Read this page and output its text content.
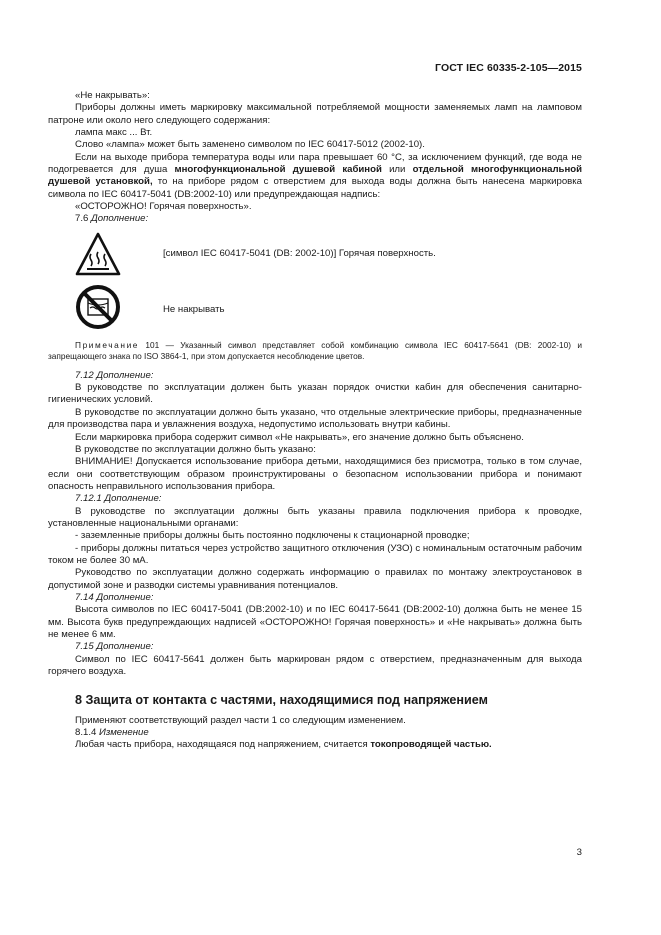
ГОСТ IEC 60335-2-105—2015

«Не накрывать»:

Приборы должны иметь маркировку максимальной потребляемой мощности заменяемых ламп на ламповом патроне или около него следующего содержания:

лампа макс ... Вт.

Слово «лампа» может быть заменено символом по IEC 60417-5012 (2002-10).

Если на выходе прибора температура воды или пара превышает 60 °С, за исключением функций, где вода не подогревается для душа многофункциональной душевой кабиной или отдельной многофункциональной душевой установкой, то на приборе рядом с отверстием для выхода воды должна быть нанесена маркировка символа по IEC 60417-5041 (DB:2002-10) или предупреждающая надпись:

«ОСТОРОЖНО! Горячая поверхность».

7.6 Дополнение:

[символ IEC 60417-5041 (DB: 2002-10)] Горячая поверхность.
Не накрывать

Примечание 101 — Указанный символ представляет собой комбинацию символа IEC 60417-5641 (DB: 2002-10) и запрещающего знака по ISO 3864-1, при этом допускается несоблюдение цветов.

7.12 Дополнение:

В руководстве по эксплуатации должен быть указан порядок очистки кабин для обеспечения санитарно-гигиенических условий.

В руководстве по эксплуатации должно быть указано, что отдельные электрические приборы, предназначенные для производства пара и увлажнения воздуха, недопустимо использовать внутри кабины.

Если маркировка прибора содержит символ «Не накрывать», его значение должно быть объяснено.

В руководстве по эксплуатации должно быть указано:

ВНИМАНИЕ! Допускается использование прибора детьми, находящимися без присмотра, только в том случае, если они соответствующим образом проинструктированы о безопасном использовании прибора и понимают опасность неправильного использования прибора.

7.12.1 Дополнение:

В руководстве по эксплуатации должны быть указаны правила подключения прибора к проводке, установленные национальными органами:

- заземленные приборы должны быть постоянно подключены к стационарной проводке;

- приборы должны питаться через устройство защитного отключения (УЗО) с номинальным остаточным рабочим током не более 30 мА.

Руководство по эксплуатации должно содержать информацию о правилах по монтажу электроустановок в допустимой зоне и разводки системы уравнивания потенциалов.

7.14 Дополнение:

Высота символов по IEC 60417-5041 (DB:2002-10) и по IEC 60417-5641 (DB:2002-10) должна быть не менее 15 мм. Высота букв предупреждающих надписей «ОСТОРОЖНО! Горячая поверхность» и «Не накрывать» должна быть не менее 6 мм.

7.15 Дополнение:

Символ по IEC 60417-5641 должен быть маркирован рядом с отверстием, предназначенным для выхода горячего воздуха.

8 Защита от контакта с частями, находящимися под напряжением

Применяют соответствующий раздел части 1 со следующим изменением.

8.1.4 Изменение

Любая часть прибора, находящаяся под напряжением, считается токопроводящей частью.

3
